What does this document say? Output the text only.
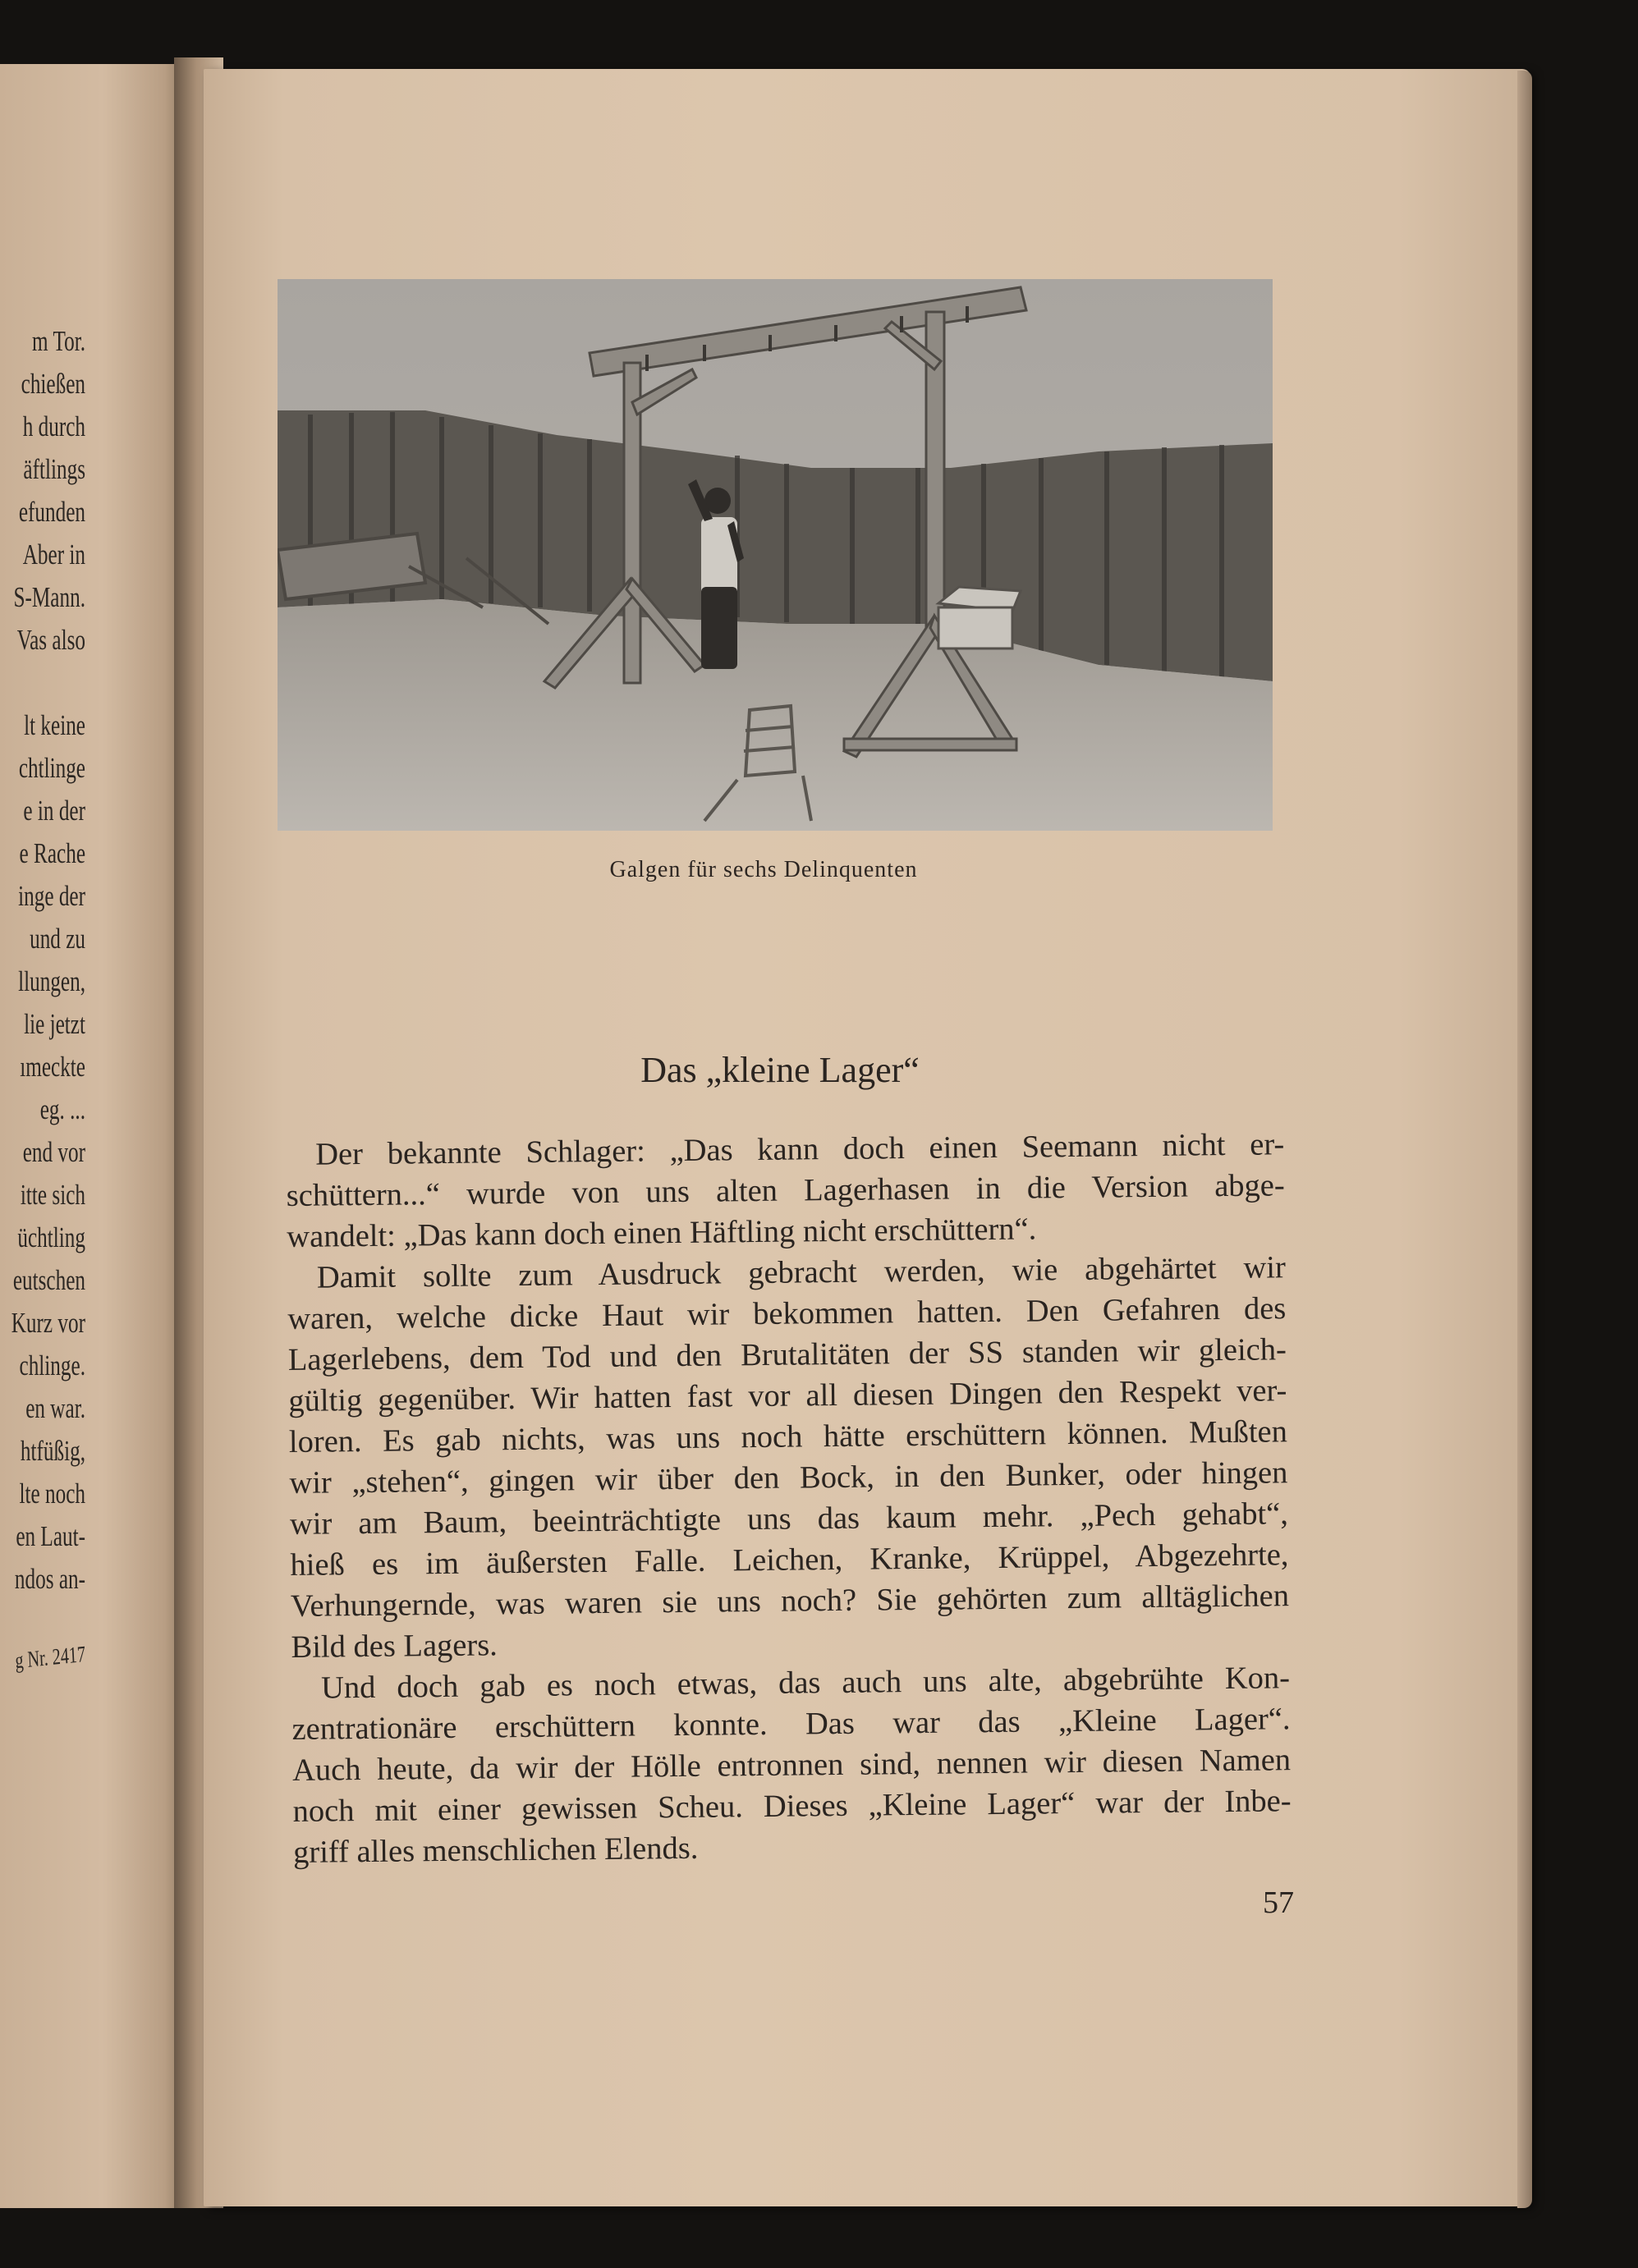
m Tor.
chießen
h durch
äftlings
efunden
Aber in
S-Mann.
Vas also
lt keine
chtlinge
e in der
e Rache
inge der
und zu
llungen,
lie jetzt
ımeckte
eg. ...
end vor
itte sich
üchtling
eutschen
Kurz vor
chlinge.
en war.
htfüßig,
lte noch
en Laut-
ndos an-
g Nr. 2417
Galgen für sechs Delinquenten
Das „kleine Lager“
Der bekannte Schlager: „Das kann doch einen Seemann nicht er-
schüttern...“ wurde von uns alten Lagerhasen in die Version abge-
wandelt: „Das kann doch einen Häftling nicht erschüttern“.
Damit sollte zum Ausdruck gebracht werden, wie abgehärtet wir
waren, welche dicke Haut wir bekommen hatten. Den Gefahren des
Lagerlebens, dem Tod und den Brutalitäten der SS standen wir gleich-
gültig gegenüber. Wir hatten fast vor all diesen Dingen den Respekt ver-
loren. Es gab nichts, was uns noch hätte erschüttern können. Mußten
wir „stehen“, gingen wir über den Bock, in den Bunker, oder hingen
wir am Baum, beeinträchtigte uns das kaum mehr. „Pech gehabt“,
hieß es im äußersten Falle. Leichen, Kranke, Krüppel, Abgezehrte,
Verhungernde, was waren sie uns noch? Sie gehörten zum alltäglichen
Bild des Lagers.
Und doch gab es noch etwas, das auch uns alte, abgebrühte Kon-
zentrationäre erschüttern konnte. Das war das „Kleine Lager“.
Auch heute, da wir der Hölle entronnen sind, nennen wir diesen Namen
noch mit einer gewissen Scheu. Dieses „Kleine Lager“ war der Inbe-
griff alles menschlichen Elends.
57
